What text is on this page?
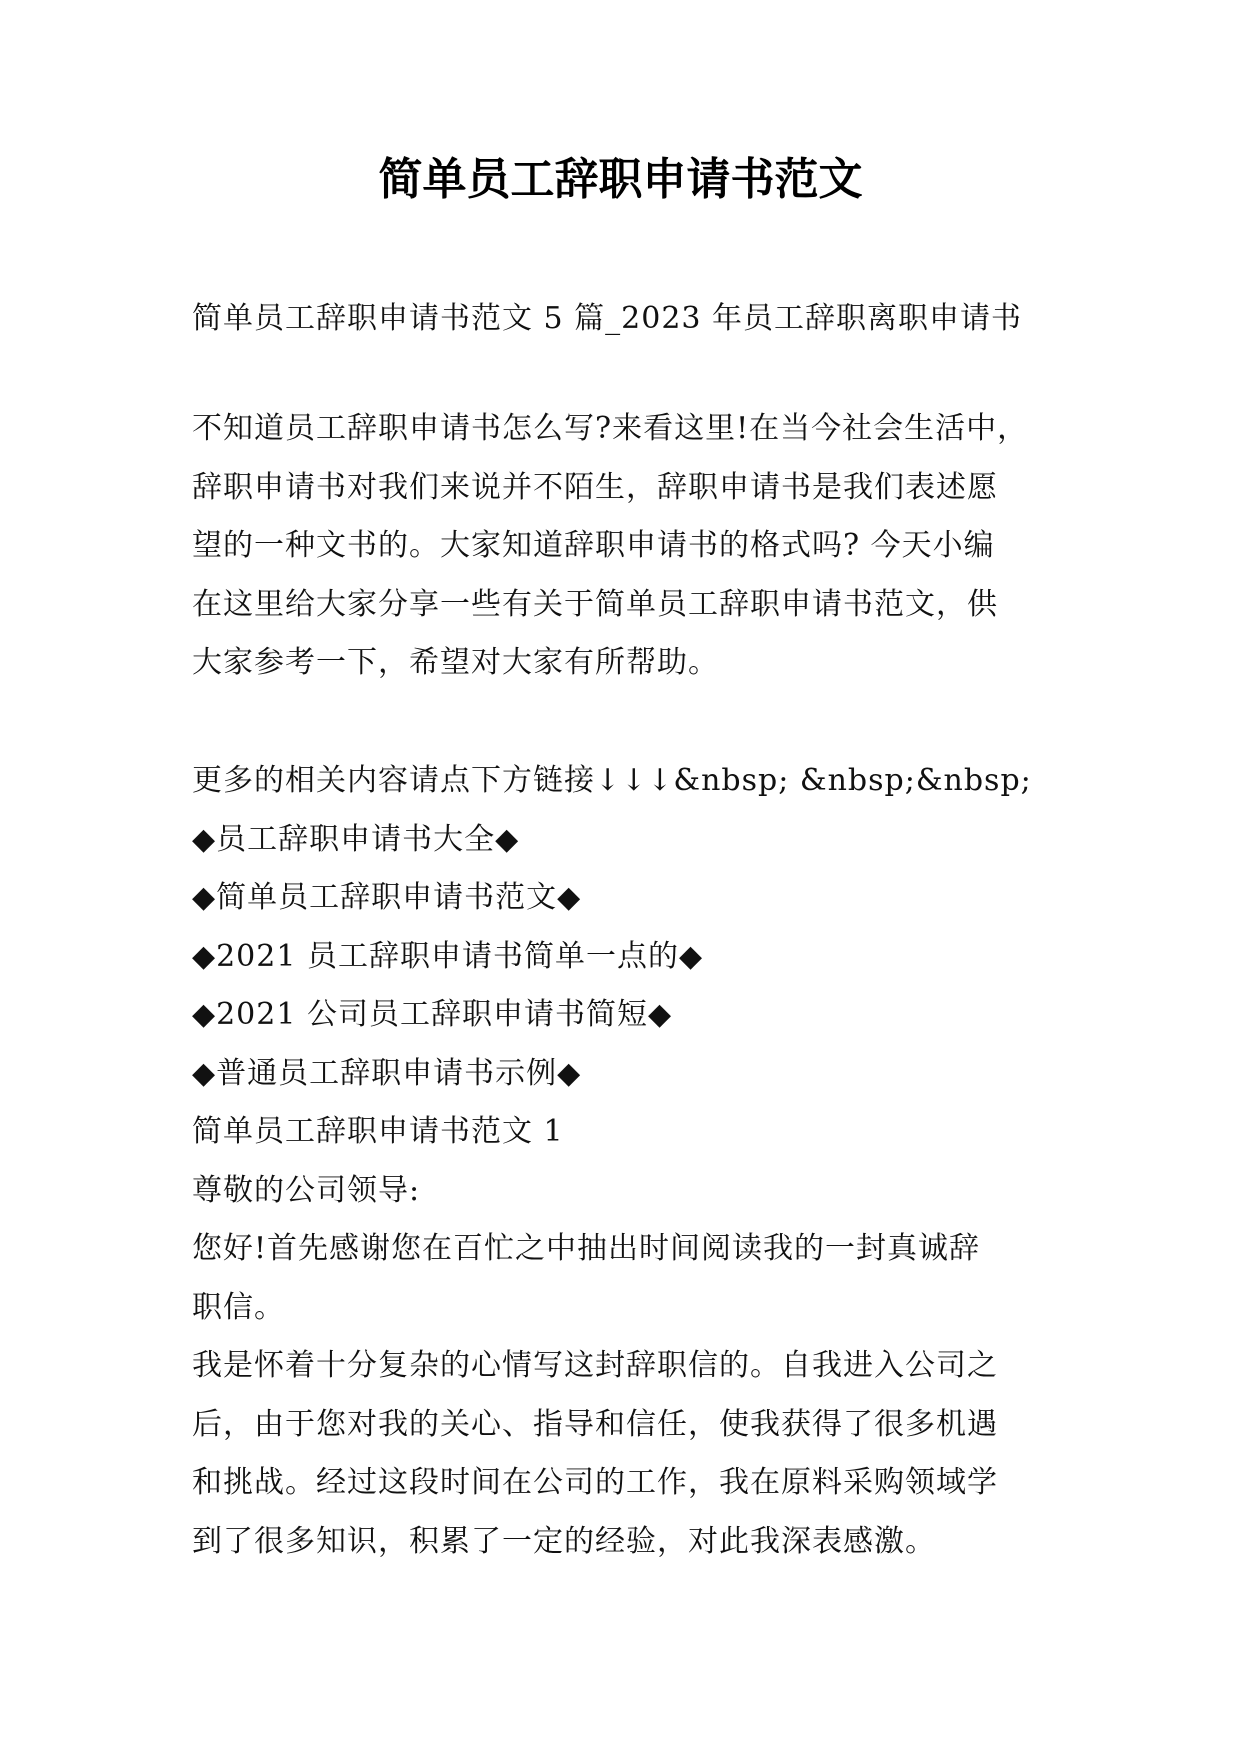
简单员工辞职申请书范文
简单员工辞职申请书范文 5 篇_2023 年员工辞职离职申请书
不知道员工辞职申请书怎么写?来看这里!在当今社会生活中，
辞职申请书对我们来说并不陌生，辞职申请书是我们表述愿
望的一种文书的。大家知道辞职申请书的格式吗? 今天小编
在这里给大家分享一些有关于简单员工辞职申请书范文，供
大家参考一下，希望对大家有所帮助。
更多的相关内容请点下方链接↓↓↓&nbsp; &nbsp;&nbsp;
◆员工辞职申请书大全◆
◆简单员工辞职申请书范文◆
◆2021 员工辞职申请书简单一点的◆
◆2021 公司员工辞职申请书简短◆
◆普通员工辞职申请书示例◆
简单员工辞职申请书范文 1
尊敬的公司领导:
您好!首先感谢您在百忙之中抽出时间阅读我的一封真诚辞
职信。
我是怀着十分复杂的心情写这封辞职信的。自我进入公司之
后，由于您对我的关心、指导和信任，使我获得了很多机遇
和挑战。经过这段时间在公司的工作，我在原料采购领域学
到了很多知识，积累了一定的经验，对此我深表感激。
